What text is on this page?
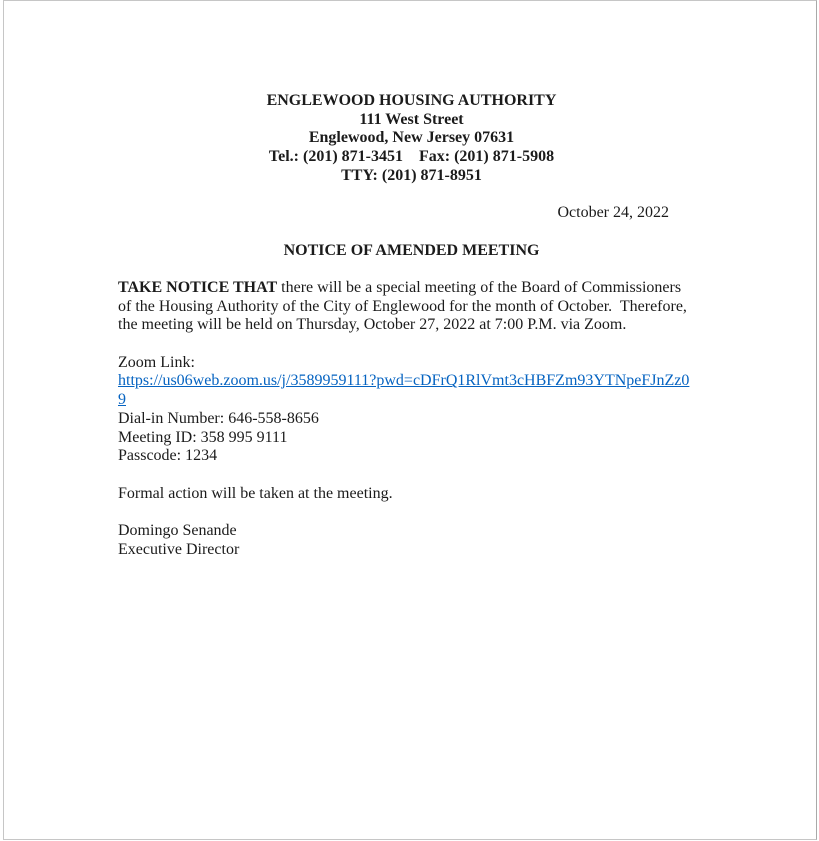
ENGLEWOOD HOUSING AUTHORITY
111 West Street
Englewood, New Jersey 07631
Tel.: (201) 871-3451    Fax: (201) 871-5908
TTY: (201) 871-8951
October 24, 2022
NOTICE OF AMENDED MEETING
TAKE NOTICE THAT there will be a special meeting of the Board of Commissioners
of the Housing Authority of the City of Englewood for the month of October.  Therefore,
the meeting will be held on Thursday, October 27, 2022 at 7:00 P.M. via Zoom.
Zoom Link:
https://us06web.zoom.us/j/3589959111?pwd=cDFrQ1RlVmt3cHBFZm93YTNpeFJnZz0
9
Dial-in Number: 646-558-8656
Meeting ID: 358 995 9111
Passcode: 1234
Formal action will be taken at the meeting.
Domingo Senande
Executive Director
